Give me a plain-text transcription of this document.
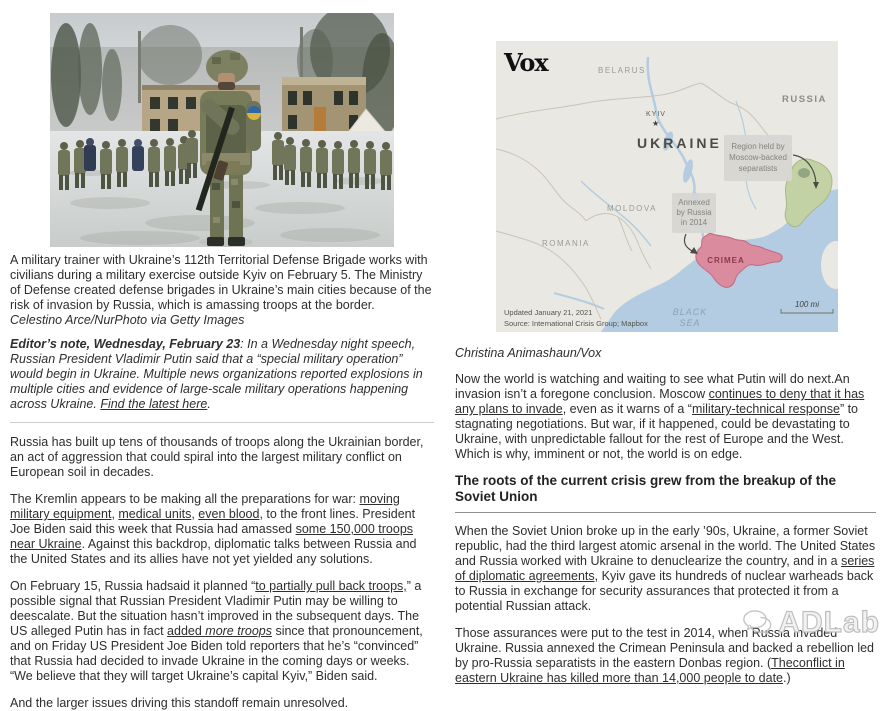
A military trainer with Ukraine’s 112th Territorial Defense Brigade works with civilians during a military exercise outside Kyiv on February 5. The Ministry of Defense created defense brigades in Ukraine’s main cities because of the risk of invasion by Russia, which is amassing troops at the border.
Celestino Arce/NurPhoto via Getty Images
Editor’s note, Wednesday, February 23: In a Wednesday night speech, Russian President Vladimir Putin said that a “special military operation” would begin in Ukraine. Multiple news organizations reported explosions in multiple cities and evidence of large-scale military operations happening across Ukraine. Find the latest here.

Russia has built up tens of thousands of troops along the Ukrainian border, an act of aggression that could spiral into the largest military conflict on European soil in decades.

The Kremlin appears to be making all the preparations for war: moving military equipment, medical units, even blood, to the front lines. President Joe Biden said this week that Russia had amassed some 150,000 troops near Ukraine. Against this backdrop, diplomatic talks between Russia and the United States and its allies have not yet yielded any solutions.

On February 15, Russia hadsaid it planned “to partially pull back troops,” a possible signal that Russian President Vladimir Putin may be willing to deescalate. But the situation hasn’t improved in the subsequent days. The US alleged Putin has in fact added more troops since that pronouncement, and on Friday US President Joe Biden told reporters that he’s “convinced” that Russia had decided to invade Ukraine in the coming days or weeks. “We believe that they will target Ukraine’s capital Kyiv,” Biden said.

And the larger issues driving this standoff remain unresolved.

Region held by
Moscow-backed
separatists
Annexed
by Russia
in 2014
Vox	BELARUS
RUSSIA
UKRAINE
KYIV
★
MOLDOVA
ROMANIA
CRIMEA
BLACK
SEA
Updated January 21, 2021
Source: International Crisis Group; Mapbox
100 mi
Christina Animashaun/Vox

Now the world is watching and waiting to see what Putin will do next.An invasion isn’t a foregone conclusion. Moscow continues to deny that it has any plans to invade, even as it warns of a “military-technical response” to stagnating negotiations. But war, if it happened, could be devastating to Ukraine, with unpredictable fallout for the rest of Europe and the West. Which is why, imminent or not, the world is on edge.

The roots of the current crisis grew from the breakup of the Soviet Union

When the Soviet Union broke up in the early ’90s, Ukraine, a former Soviet republic, had the third largest atomic arsenal in the world. The United States and Russia worked with Ukraine to denuclearize the country, and in a series of diplomatic agreements, Kyiv gave its hundreds of nuclear warheads back to Russia in exchange for security assurances that protected it from a potential Russian attack.

Those assurances were put to the test in 2014, when Russia invaded Ukraine. Russia annexed the Crimean Peninsula and backed a rebellion led by pro-Russia separatists in the eastern Donbas region. (Theconflict in eastern Ukraine has killed more than 14,000 people to date.)

ADLab
